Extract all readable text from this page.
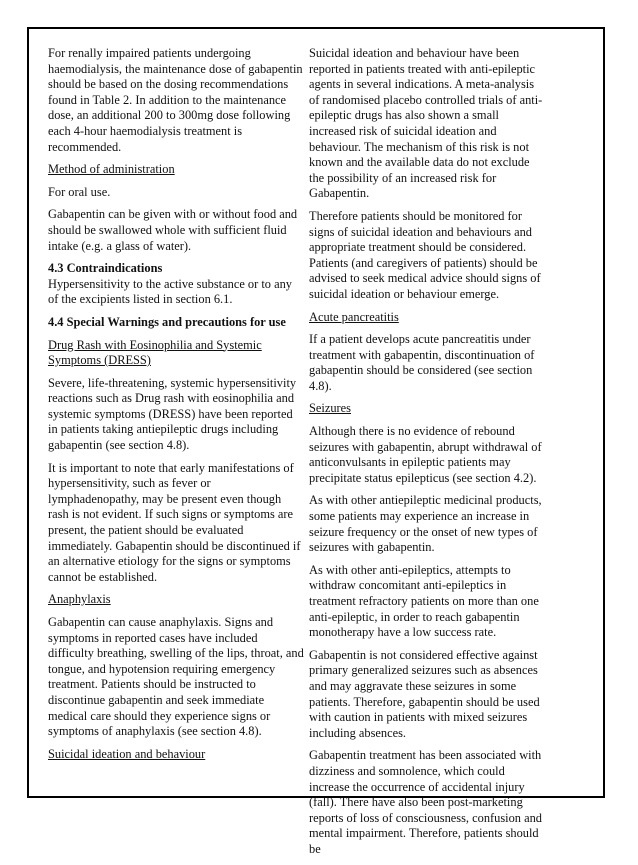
For renally impaired patients undergoing haemodialysis, the maintenance dose of gabapentin should be based on the dosing recommendations found in Table 2. In addition to the maintenance dose, an additional 200 to 300mg dose following each 4-hour haemodialysis treatment is recommended.

Method of administration

For oral use.

Gabapentin can be given with or without food and should be swallowed whole with sufficient fluid intake (e.g. a glass of water).

4.3 Contraindications

Hypersensitivity to the active substance or to any of the excipients listed in section 6.1.

4.4 Special Warnings and precautions for use

Drug Rash with Eosinophilia and Systemic Symptoms (DRESS)

Severe, life-threatening, systemic hypersensitivity reactions such as Drug rash with eosinophilia and systemic symptoms (DRESS) have been reported in patients taking antiepileptic drugs including gabapentin (see section 4.8).

It is important to note that early manifestations of hypersensitivity, such as fever or lymphadenopathy, may be present even though rash is not evident. If such signs or symptoms are present, the patient should be evaluated immediately. Gabapentin should be discontinued if an alternative etiology for the signs or symptoms cannot be established.

Anaphylaxis

Gabapentin can cause anaphylaxis. Signs and symptoms in reported cases have included difficulty breathing, swelling of the lips, throat, and tongue, and hypotension requiring emergency treatment. Patients should be instructed to discontinue gabapentin and seek immediate medical care should they experience signs or symptoms of anaphylaxis (see section 4.8).

Suicidal ideation and behaviour

Suicidal ideation and behaviour have been reported in patients treated with anti-epileptic agents in several indications. A meta-analysis of randomised placebo controlled trials of anti-epileptic drugs has also shown a small increased risk of suicidal ideation and behaviour. The mechanism of this risk is not known and the available data do not exclude the possibility of an increased risk for Gabapentin.

Therefore patients should be monitored for signs of suicidal ideation and behaviours and appropriate treatment should be considered. Patients (and caregivers of patients) should be advised to seek medical advice should signs of suicidal ideation or behaviour emerge.

Acute pancreatitis

If a patient develops acute pancreatitis under treatment with gabapentin, discontinuation of gabapentin should be considered (see section 4.8).

Seizures

Although there is no evidence of rebound seizures with gabapentin, abrupt withdrawal of anticonvulsants in epileptic patients may precipitate status epilepticus (see section 4.2).

As with other antiepileptic medicinal products, some patients may experience an increase in seizure frequency or the onset of new types of seizures with gabapentin.

As with other anti-epileptics, attempts to withdraw concomitant anti-epileptics in treatment refractory patients on more than one anti-epileptic, in order to reach gabapentin monotherapy have a low success rate.

Gabapentin is not considered effective against primary generalized seizures such as absences and may aggravate these seizures in some patients. Therefore, gabapentin should be used with caution in patients with mixed seizures including absences.

Gabapentin treatment has been associated with dizziness and somnolence, which could increase the occurrence of accidental injury (fall). There have also been post-marketing reports of loss of consciousness, confusion and mental impairment. Therefore, patients should be
